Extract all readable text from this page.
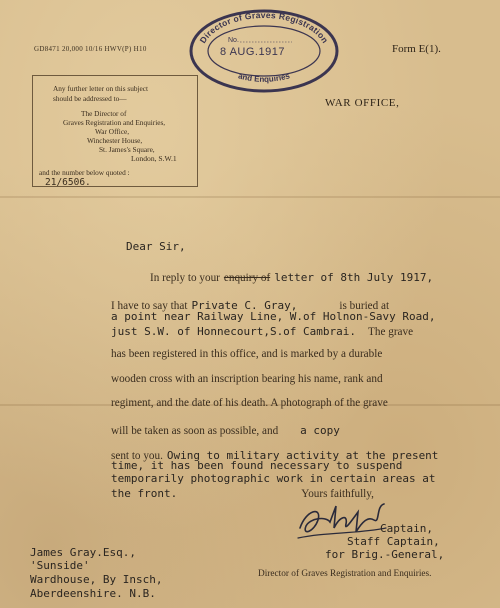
GD8471 20,000 10/16 HWV(P) H10	Form E(1).
WAR OFFICE,
Director of Graves Registration
No.
and Enquiries
8 AUG.1917
Any further letter on this subject
should be addressed to—
The Director of
Graves Registration and Enquiries,
War Office,
Winchester House,
St. James's Square,
London, S.W.1
and the number below quoted :
21/6506.
Dear Sir,
In reply to your enquiry of letter of 8th July 1917,
I have to say that Private C. Gray,	is buried at
a point near Railway Line, W.of Holnon-Savy Road,
just S.W. of Honnecourt,S.of Cambrai. The grave
has been registered in this office, and is marked by a durable
wooden cross with an inscription bearing his name, rank and
regiment, and the date of his death. A photograph of the grave
will be taken as soon as possible, and a copy
sent to you. Owing to military activity at the present
time, it has been found necessary to suspend
temporarily photographic work in certain areas at
the front.	Yours faithfully,
Captain,
Staff Captain,
for Brig.-General,
Director of Graves Registration and Enquiries.
James Gray.Esq.,
'Sunside'
Wardhouse, By Insch,
Aberdeenshire. N.B.
